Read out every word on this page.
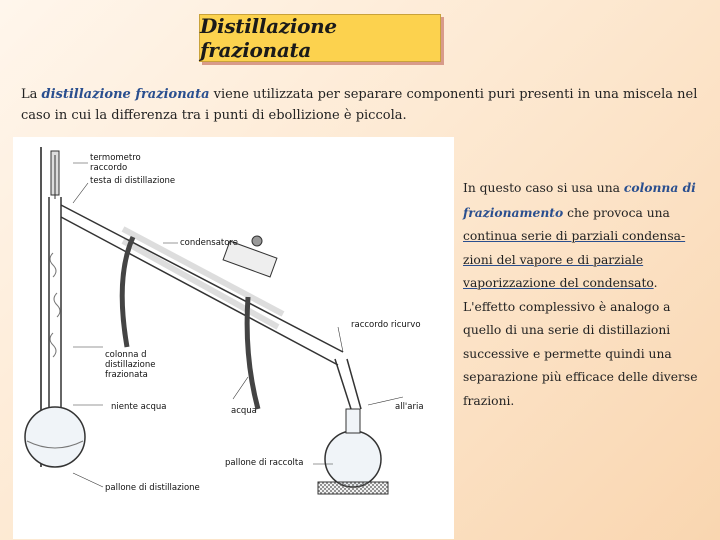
Distillazione frazionata
La distillazione frazionata viene utilizzata per separare componenti puri presenti in una miscela nel caso in cui la differenza tra i punti di ebollizione è piccola.
termometro
raccordo
testa di distillazione
condensatore
raccordo ricurvo
colonna d
distillazione
frazionata
niente acqua	acqua	all'aria
pallone di raccolta
pallone di distillazione
In questo caso si usa una colonna di frazionamento che provoca una continua serie di parziali condensa-zioni del vapore e di parziale vaporizzazione del condensato. L'effetto complessivo è analogo a quello di una serie di distillazioni successive e permette quindi una separazione più efficace delle diverse frazioni.
